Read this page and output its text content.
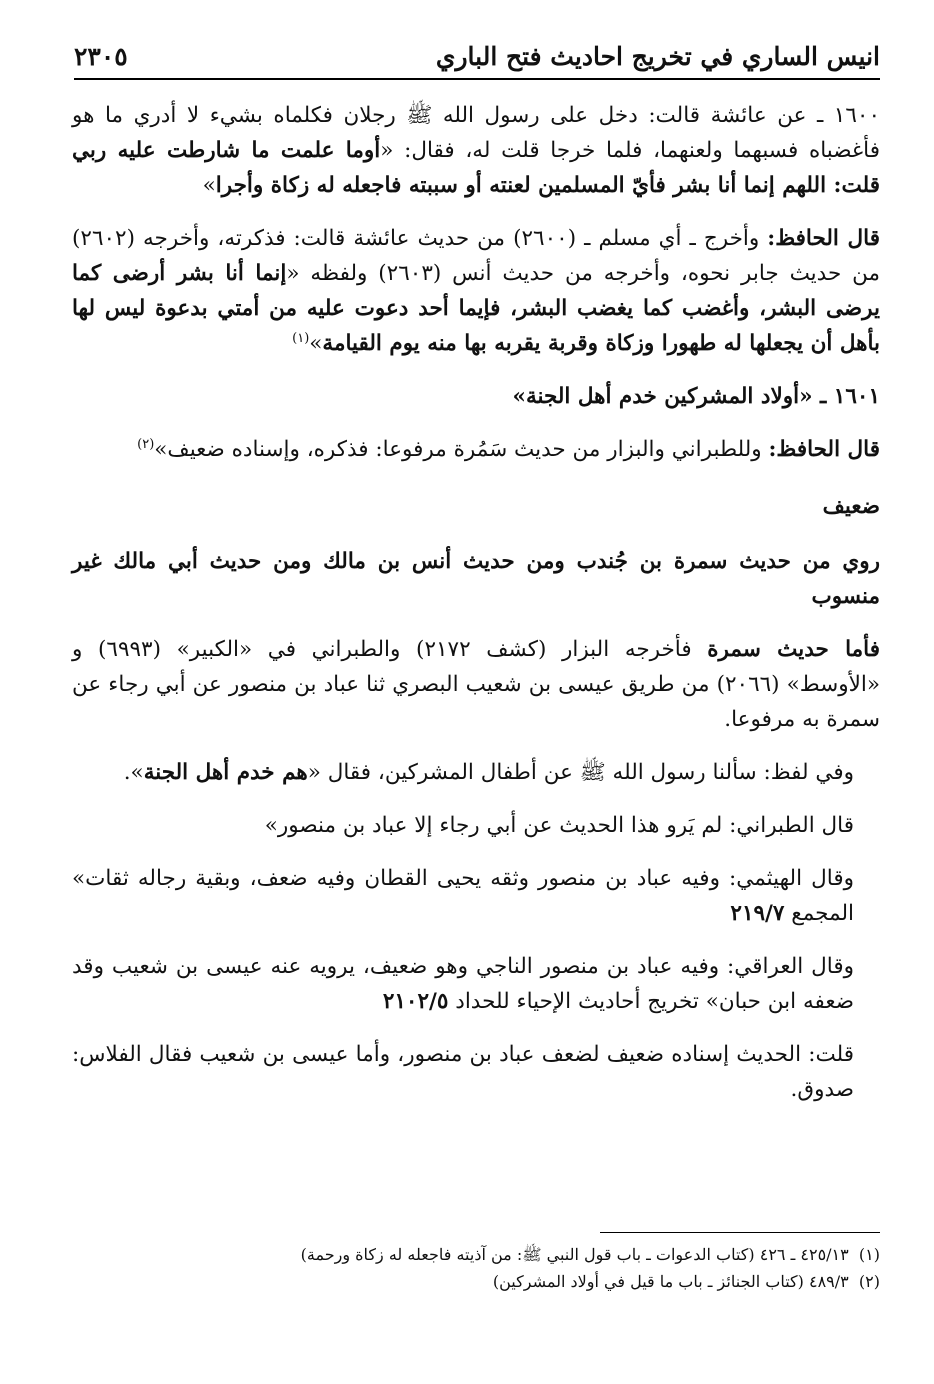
انيس الساري في تخريج احاديث فتح الباري
٢٣٠٥

١٦٠٠ ـ عن عائشة قالت: دخل على رسول الله ﷺ رجلان فكلماه بشيء لا أدري ما هو فأغضباه فسبهما ولعنهما، فلما خرجا قلت له، فقال: «أوما علمت ما شارطت عليه ربي قلت: اللهم إنما أنا بشر فأيّ المسلمين لعنته أو سببته فاجعله له زكاة وأجرا»

قال الحافظ: وأخرج ـ أي مسلم ـ (٢٦٠٠) من حديث عائشة قالت: فذكرته، وأخرجه (٢٦٠٢) من حديث جابر نحوه، وأخرجه من حديث أنس (٢٦٠٣) ولفظه «إنما أنا بشر أرضى كما يرضى البشر، وأغضب كما يغضب البشر، فإيما أحد دعوت عليه من أمتي بدعوة ليس لها بأهل أن يجعلها له طهورا وزكاة وقربة يقربه بها منه يوم القيامة»$^{(١)}$

١٦٠١ ـ «أولاد المشركين خدم أهل الجنة»

قال الحافظ: وللطبراني والبزار من حديث سَمُرة مرفوعا: فذكره، وإسناده ضعيف»$^{(٢)}$

ضعيف

روي من حديث سمرة بن جُندب ومن حديث أنس بن مالك ومن حديث أبي مالك غير منسوب

فأما حديث سمرة فأخرجه البزار (كشف ٢١٧٢) والطبراني في «الكبير» (٦٩٩٣) و «الأوسط» (٢٠٦٦) من طريق عيسى بن شعيب البصري ثنا عباد بن منصور عن أبي رجاء عن سمرة به مرفوعا.

وفي لفظ: سألنا رسول الله ﷺ عن أطفال المشركين، فقال «هم خدم أهل الجنة».

قال الطبراني: لم يَرو هذا الحديث عن أبي رجاء إلا عباد بن منصور»

وقال الهيثمي: وفيه عباد بن منصور وثقه يحيى القطان وفيه ضعف، وبقية رجاله ثقات» المجمع ٢١٩/٧

وقال العراقي: وفيه عباد بن منصور الناجي وهو ضعيف، يرويه عنه عيسى بن شعيب وقد ضعفه ابن حبان» تخريج أحاديث الإحياء للحداد ٢١٠٢/٥

قلت: الحديث إسناده ضعيف لضعف عباد بن منصور، وأما عيسى بن شعيب فقال الفلاس: صدوق.

(١)  ٤٢٥/١٣ ـ ٤٢٦ (كتاب الدعوات ـ باب قول النبي ﷺ: من آذيته فاجعله له زكاة ورحمة)

(٢)  ٤٨٩/٣ (كتاب الجنائز ـ باب ما قيل في أولاد المشركين)
